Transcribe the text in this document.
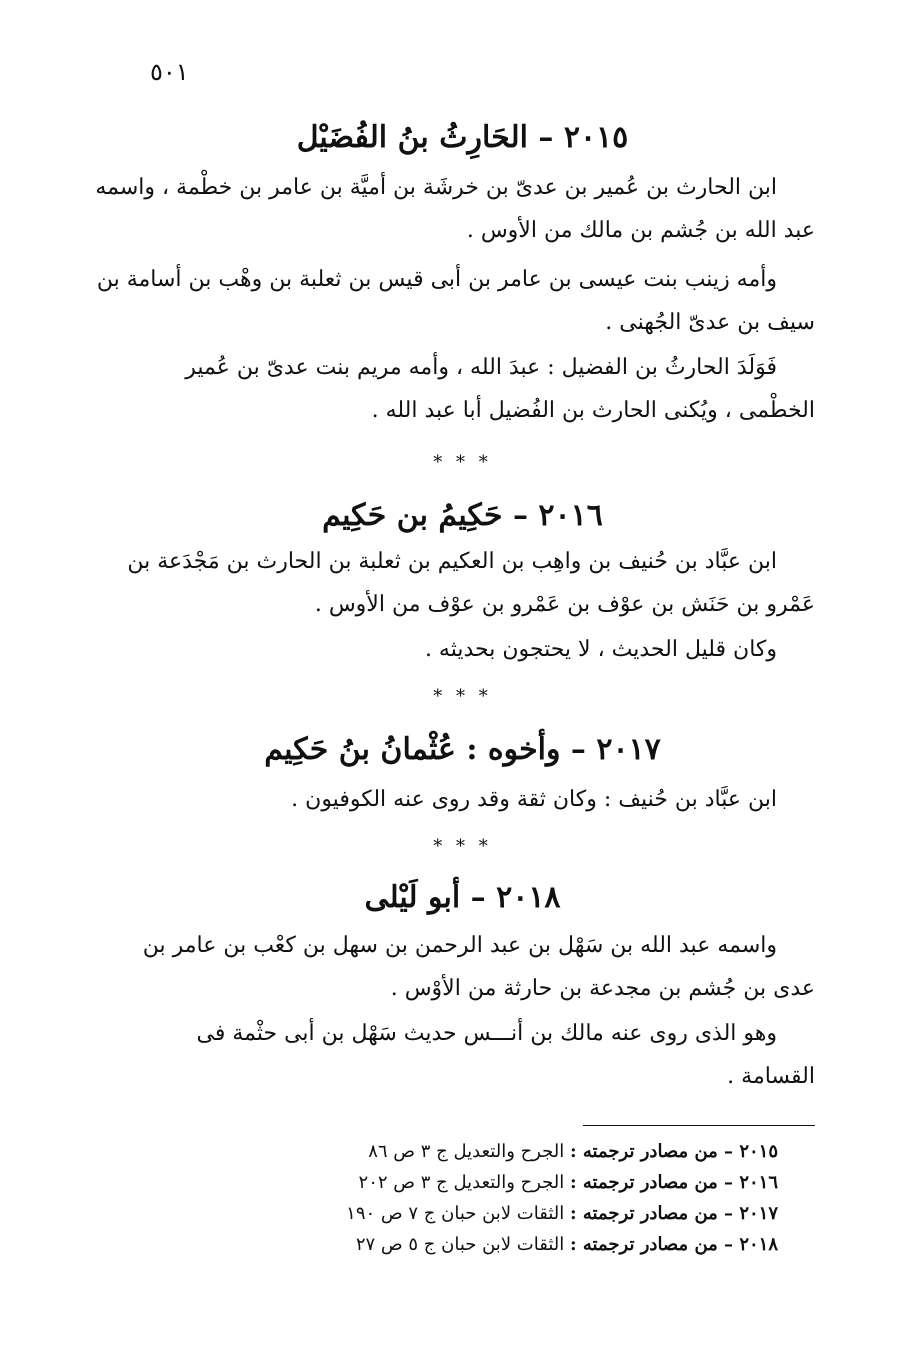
٥٠١
٢٠١٥ – الحَارِثُ بنُ الفُضَيْل

ابن الحارث بن عُمير بن عدىّ بن خرشَة بن أميَّة بن عامر بن خطْمة ، واسمه
عبد الله بن جُشم بن مالك من الأوس .

وأمه زينب بنت عيسى بن عامر بن أبى قيس بن ثعلبة بن وهْب بن أسامة بن
سيف بن عدىّ الجُهنى .

فَوَلَدَ الحارثُ بن الفضيل : عبدَ الله ، وأمه مريم بنت عدىّ بن عُمير
الخطْمى ، ويُكنى الحارث بن الفُضيل أبا عبد الله .

* * *
٢٠١٦ – حَكِيمُ بن حَكِيم

ابن عبَّاد بن حُنيف بن واهِب بن العكيم بن ثعلبة بن الحارث بن مَجْدَعة بن
عَمْرو بن حَنَش بن عوْف بن عَمْرو بن عوْف من الأوس .

وكان قليل الحديث ، لا يحتجون بحديثه .

* * *
٢٠١٧ – وأخوه : عُثْمانُ بنُ حَكِيم

ابن عبَّاد بن حُنيف : وكان ثقة وقد روى عنه الكوفيون .

* * *
٢٠١٨ – أبو لَيْلى

واسمه عبد الله بن سَهْل بن عبد الرحمن بن سهل بن كعْب بن عامر بن
عدى بن جُشم بن مجدعة بن حارثة من الأوْس .

وهو الذى روى عنه مالك بن أنـــس حديث سَهْل بن أبى حثْمة فى
القسامة .

٢٠١٥ – من مصادر ترجمته : الجرح والتعديل ج ٣ ص ٨٦
٢٠١٦ – من مصادر ترجمته : الجرح والتعديل ج ٣ ص ٢٠٢
٢٠١٧ – من مصادر ترجمته : الثقات لابن حبان ج ٧ ص ١٩٠
٢٠١٨ – من مصادر ترجمته : الثقات لابن حبان ج ٥ ص ٢٧
